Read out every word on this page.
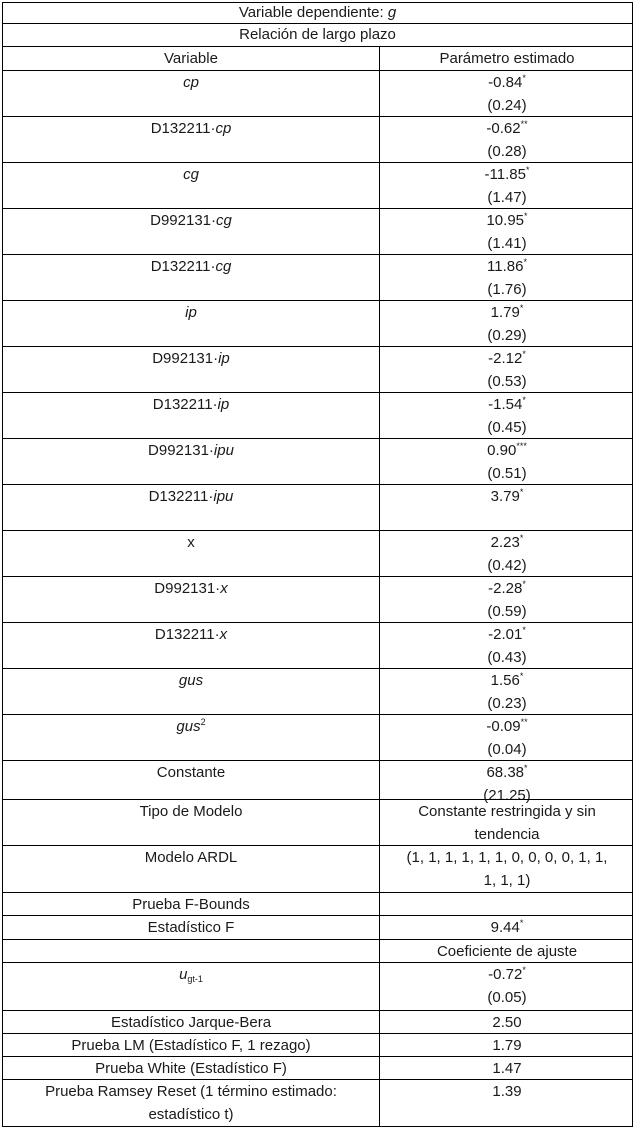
Variable dependiente: g
Relación de largo plazo
Variable	Parámetro estimado
cp	-0.84*
(0.24)
D132211·cp	-0.62**
(0.28)
cg	-11.85*
(1.47)
D992131·cg	10.95*
(1.41)
D132211·cg	11.86*
(1.76)
ip	1.79*
(0.29)
D992131·ip	-2.12*
(0.53)
D132211·ip	-1.54*
(0.45)
D992131·ipu	0.90***
(0.51)
D132211·ipu	3.79*
x	2.23*
(0.42)
D992131·x	-2.28*
(0.59)
D132211·x	-2.01*
(0.43)
gus	1.56*
(0.23)
gus$^2$	-0.09**
(0.04)
Constante	68.38*
(21.25)
Tipo de Modelo	Constante restringida y sin
tendencia
Modelo ARDL	(1, 1, 1, 1, 1, 1, 0, 0, 0, 0, 1, 1,
1, 1, 1)
Prueba F-Bounds
Estadístico F	9.44*
Coeficiente de ajuste
$u_{gt-1}$	-0.72*
(0.05)
Estadístico Jarque-Bera	2.50
Prueba LM (Estadístico F, 1 rezago)	1.79
Prueba White (Estadístico F)	1.47
Prueba Ramsey Reset (1 término estimado:
estadístico t)
1.39
